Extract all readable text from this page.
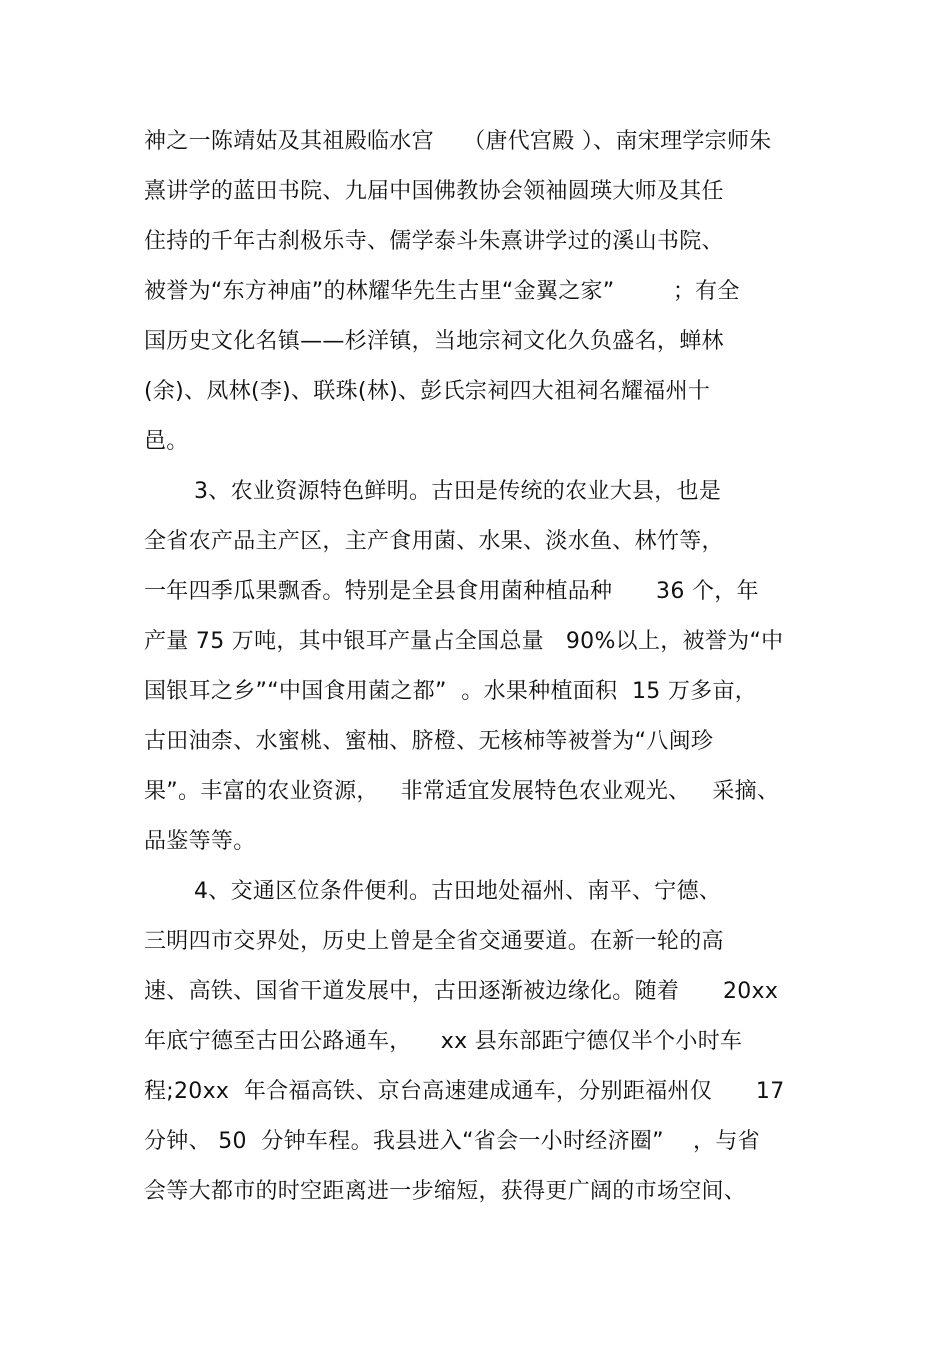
神之一陈靖姑及其祖殿临水宫    （唐代宫殿 ）、南宋理学宗师朱
熹讲学的蓝田书院、九届中国佛教协会领袖圆瑛大师及其任
住持的千年古刹极乐寺、儒学泰斗朱熹讲学过的溪山书院、
被誉为“东方神庙”的林耀华先生古里“金翼之家”        ；有全
国历史文化名镇——杉洋镇，当地宗祠文化久负盛名，蝉林
(余)、凤林(李)、联珠(林)、彭氏宗祠四大祖祠名耀福州十
邑。
3、农业资源特色鲜明。古田是传统的农业大县，也是
全省农产品主产区，主产食用菌、水果、淡水鱼、林竹等，
一年四季瓜果飘香。特别是全县食用菌种植品种      36 个，年
产量 75 万吨，其中银耳产量占全国总量   90%以上，被誉为“中
国银耳之乡”“中国食用菌之都”  。水果种植面积  15 万多亩，
古田油柰、水蜜桃、蜜柚、脐橙、无核柿等被誉为“八闽珍
果”。丰富的农业资源，   非常适宜发展特色农业观光、   采摘、
品鉴等等。
4、交通区位条件便利。古田地处福州、南平、宁德、
三明四市交界处，历史上曾是全省交通要道。在新一轮的高
速、高铁、国省干道发展中，古田逐渐被边缘化。随着      20xx
年底宁德至古田公路通车，    xx 县东部距宁德仅半个小时车
程;20xx  年合福高铁、京台高速建成通车，分别距福州仅      17
分钟、 50  分钟车程。我县进入“省会一小时经济圈”    ，与省
会等大都市的时空距离进一步缩短，获得更广阔的市场空间、
